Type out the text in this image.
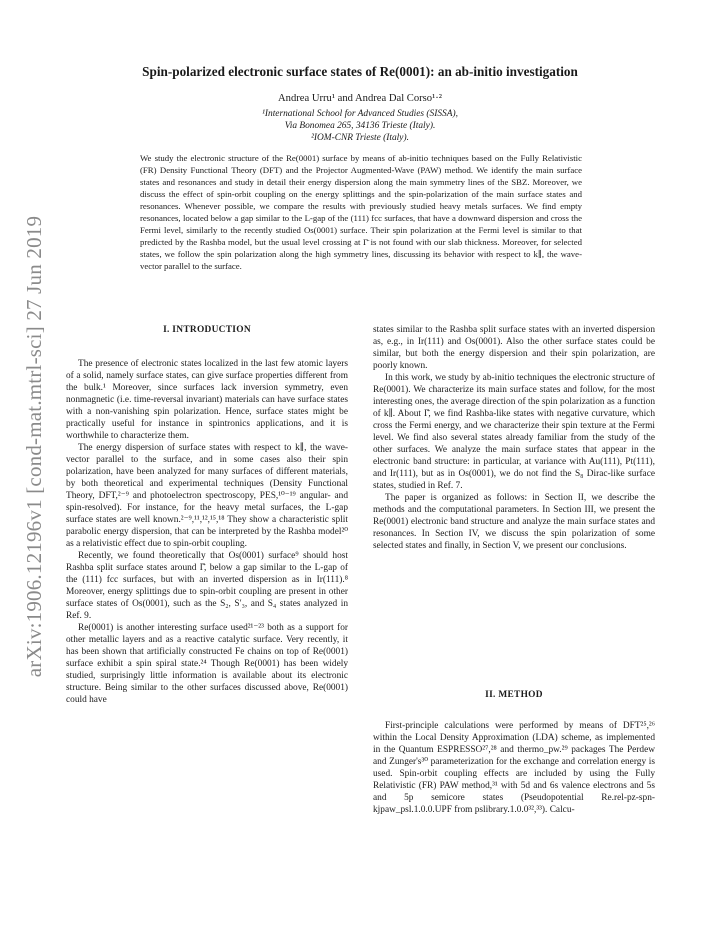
arXiv:1906.12196v1 [cond-mat.mtrl-sci] 27 Jun 2019
Spin-polarized electronic surface states of Re(0001): an ab-initio investigation
Andrea Urru¹ and Andrea Dal Corso¹·²
¹International School for Advanced Studies (SISSA),
Via Bonomea 265, 34136 Trieste (Italy).
²IOM-CNR Trieste (Italy).
We study the electronic structure of the Re(0001) surface by means of ab-initio techniques based on the Fully Relativistic (FR) Density Functional Theory (DFT) and the Projector Augmented-Wave (PAW) method. We identify the main surface states and resonances and study in detail their energy dispersion along the main symmetry lines of the SBZ. Moreover, we discuss the effect of spin-orbit coupling on the energy splittings and the spin-polarization of the main surface states and resonances. Whenever possible, we compare the results with previously studied heavy metals surfaces. We find empty resonances, located below a gap similar to the L-gap of the (111) fcc surfaces, that have a downward dispersion and cross the Fermi level, similarly to the recently studied Os(0001) surface. Their spin polarization at the Fermi level is similar to that predicted by the Rashba model, but the usual level crossing at Γ̄ is not found with our slab thickness. Moreover, for selected states, we follow the spin polarization along the high symmetry lines, discussing its behavior with respect to k∥, the wave-vector parallel to the surface.
I. INTRODUCTION

The presence of electronic states localized in the last few atomic layers of a solid, namely surface states, can give surface properties different from the bulk.¹ Moreover, since surfaces lack inversion symmetry, even nonmagnetic (i.e. time-reversal invariant) materials can have surface states with a non-vanishing spin polarization. Hence, surface states might be practically useful for instance in spintronics applications, and it is worthwhile to characterize them.

The energy dispersion of surface states with respect to k∥, the wave-vector parallel to the surface, and in some cases also their spin polarization, have been analyzed for many surfaces of different materials, by both theoretical and experimental techniques (Density Functional Theory, DFT,²⁻⁹ and photoelectron spectroscopy, PES,¹⁰⁻¹⁹ angular- and spin-resolved). For instance, for the heavy metal surfaces, the L-gap surface states are well known.²⁻⁹,¹¹,¹²,¹⁵,¹⁸ They show a characteristic split parabolic energy dispersion, that can be interpreted by the Rashba model²⁰ as a relativistic effect due to spin-orbit coupling.

Recently, we found theoretically that Os(0001) surface⁹ should host Rashba split surface states around Γ̄, below a gap similar to the L-gap of the (111) fcc surfaces, but with an inverted dispersion as in Ir(111).⁸ Moreover, energy splittings due to spin-orbit coupling are present in other surface states of Os(0001), such as the S₂, S′₃, and S₄ states analyzed in Ref. 9.

Re(0001) is another interesting surface used²¹⁻²³ both as a support for other metallic layers and as a reactive catalytic surface. Very recently, it has been shown that artificially constructed Fe chains on top of Re(0001) surface exhibit a spin spiral state.²⁴ Though Re(0001) has been widely studied, surprisingly little information is available about its electronic structure. Being similar to the other surfaces discussed above, Re(0001) could have

states similar to the Rashba split surface states with an inverted dispersion as, e.g., in Ir(111) and Os(0001). Also the other surface states could be similar, but both the energy dispersion and their spin polarization, are poorly known.

In this work, we study by ab-initio techniques the electronic structure of Re(0001). We characterize its main surface states and follow, for the most interesting ones, the average direction of the spin polarization as a function of k∥. About Γ̄, we find Rashba-like states with negative curvature, which cross the Fermi energy, and we characterize their spin texture at the Fermi level. We find also several states already familiar from the study of the other surfaces. We analyze the main surface states that appear in the electronic band structure: in particular, at variance with Au(111), Pt(111), and Ir(111), but as in Os(0001), we do not find the S₈ Dirac-like surface states, studied in Ref. 7.

The paper is organized as follows: in Section II, we describe the methods and the computational parameters. In Section III, we present the Re(0001) electronic band structure and analyze the main surface states and resonances. In Section IV, we discuss the spin polarization of some selected states and finally, in Section V, we present our conclusions.

II. METHOD

First-principle calculations were performed by means of DFT²⁵,²⁶ within the Local Density Approximation (LDA) scheme, as implemented in the Quantum ESPRESSO²⁷,²⁸ and thermo_pw.²⁹ packages The Perdew and Zunger's³⁰ parameterization for the exchange and correlation energy is used. Spin-orbit coupling effects are included by using the Fully Relativistic (FR) PAW method,³¹ with 5d and 6s valence electrons and 5s and 5p semicore states (Pseudopotential Re.rel-pz-spn-kjpaw_psl.1.0.0.UPF from pslibrary.1.0.0³²,³³). Calcu-
